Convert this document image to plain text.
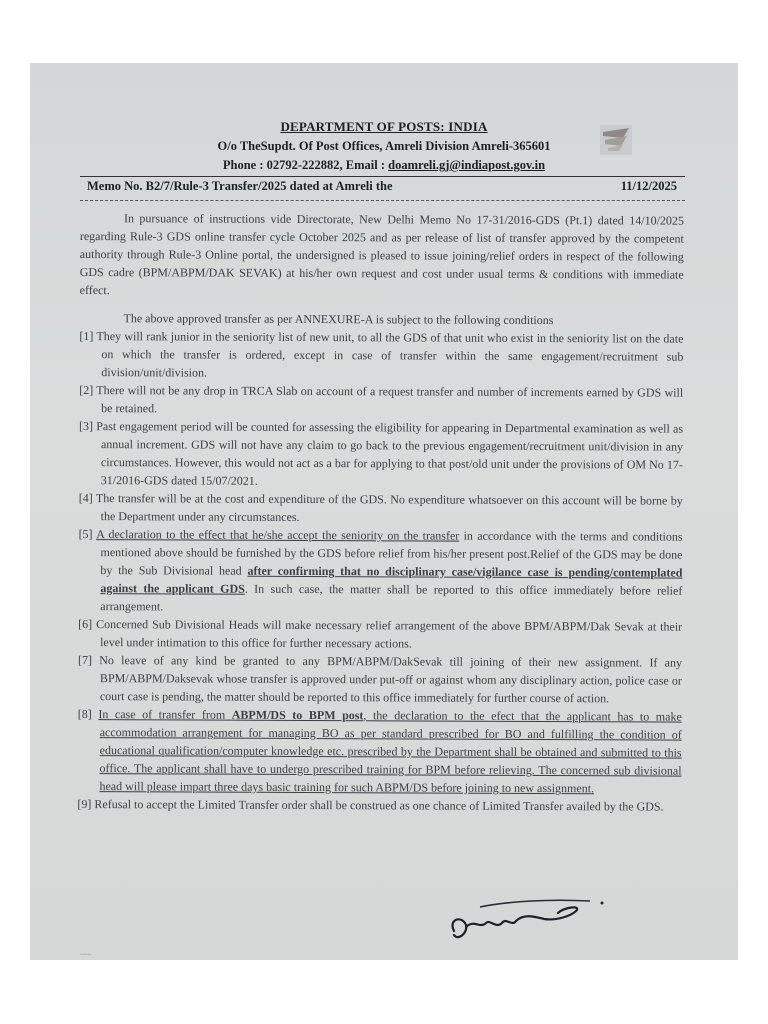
DEPARTMENT OF POSTS: INDIA
O/o TheSupdt. Of Post Offices, Amreli Division Amreli-365601
Phone : 02792-222882, Email : doamreli.gj@indiapost.gov.in
Memo No. B2/7/Rule-3 Transfer/2025 dated at Amreli the	11/12/2025

In pursuance of instructions vide Directorate, New Delhi Memo No 17-31/2016-GDS (Pt.1) dated 14/10/2025 regarding Rule-3 GDS online transfer cycle October 2025 and as per release of list of transfer approved by the competent authority through Rule-3 Online portal, the undersigned is pleased to issue joining/relief orders in respect of the following GDS cadre (BPM/ABPM/DAK SEVAK) at his/her own request and cost under usual terms & conditions with immediate effect.

The above approved transfer as per ANNEXURE-A is subject to the following conditions

[1] They will rank junior in the seniority list of new unit, to all the GDS of that unit who exist in the seniority list on the date on which the transfer is ordered, except in case of transfer within the same engagement/recruitment sub division/unit/division.

[2] There will not be any drop in TRCA Slab on account of a request transfer and number of increments earned by GDS will be retained.

[3] Past engagement period will be counted for assessing the eligibility for appearing in Departmental examination as well as annual increment. GDS will not have any claim to go back to the previous engagement/recruitment unit/division in any circumstances. However, this would not act as a bar for applying to that post/old unit under the provisions of OM No 17-31/2016-GDS dated 15/07/2021.

[4] The transfer will be at the cost and expenditure of the GDS. No expenditure whatsoever on this account will be borne by the Department under any circumstances.

[5] A declaration to the effect that he/she accept the seniority on the transfer in accordance with the terms and conditions mentioned above should be furnished by the GDS before relief from his/her present post.Relief of the GDS may be done by the Sub Divisional head after confirming that no disciplinary case/vigilance case is pending/contemplated against the applicant GDS. In such case, the matter shall be reported to this office immediately before relief arrangement.

[6] Concerned Sub Divisional Heads will make necessary relief arrangement of the above BPM/ABPM/Dak Sevak at their level under intimation to this office for further necessary actions.

[7] No leave of any kind be granted to any BPM/ABPM/DakSevak till joining of their new assignment. If any BPM/ABPM/Daksevak whose transfer is approved under put-off or against whom any disciplinary action, police case or court case is pending, the matter should be reported to this office immediately for further course of action.

[8] In case of transfer from ABPM/DS to BPM post, the declaration to the efect that the applicant has to make accommodation arrangement for managing BO as per standard prescribed for BO and fulfilling the condition of educational qualification/computer knowledge etc. prescribed by the Department shall be obtained and submitted to this office. The applicant shall have to undergo prescribed training for BPM before relieving. The concerned sub divisional head will please impart three days basic training for such ABPM/DS before joining to new assignment.

[9] Refusal to accept the Limited Transfer order shall be construed as one chance of Limited Transfer availed by the GDS.

~~~
